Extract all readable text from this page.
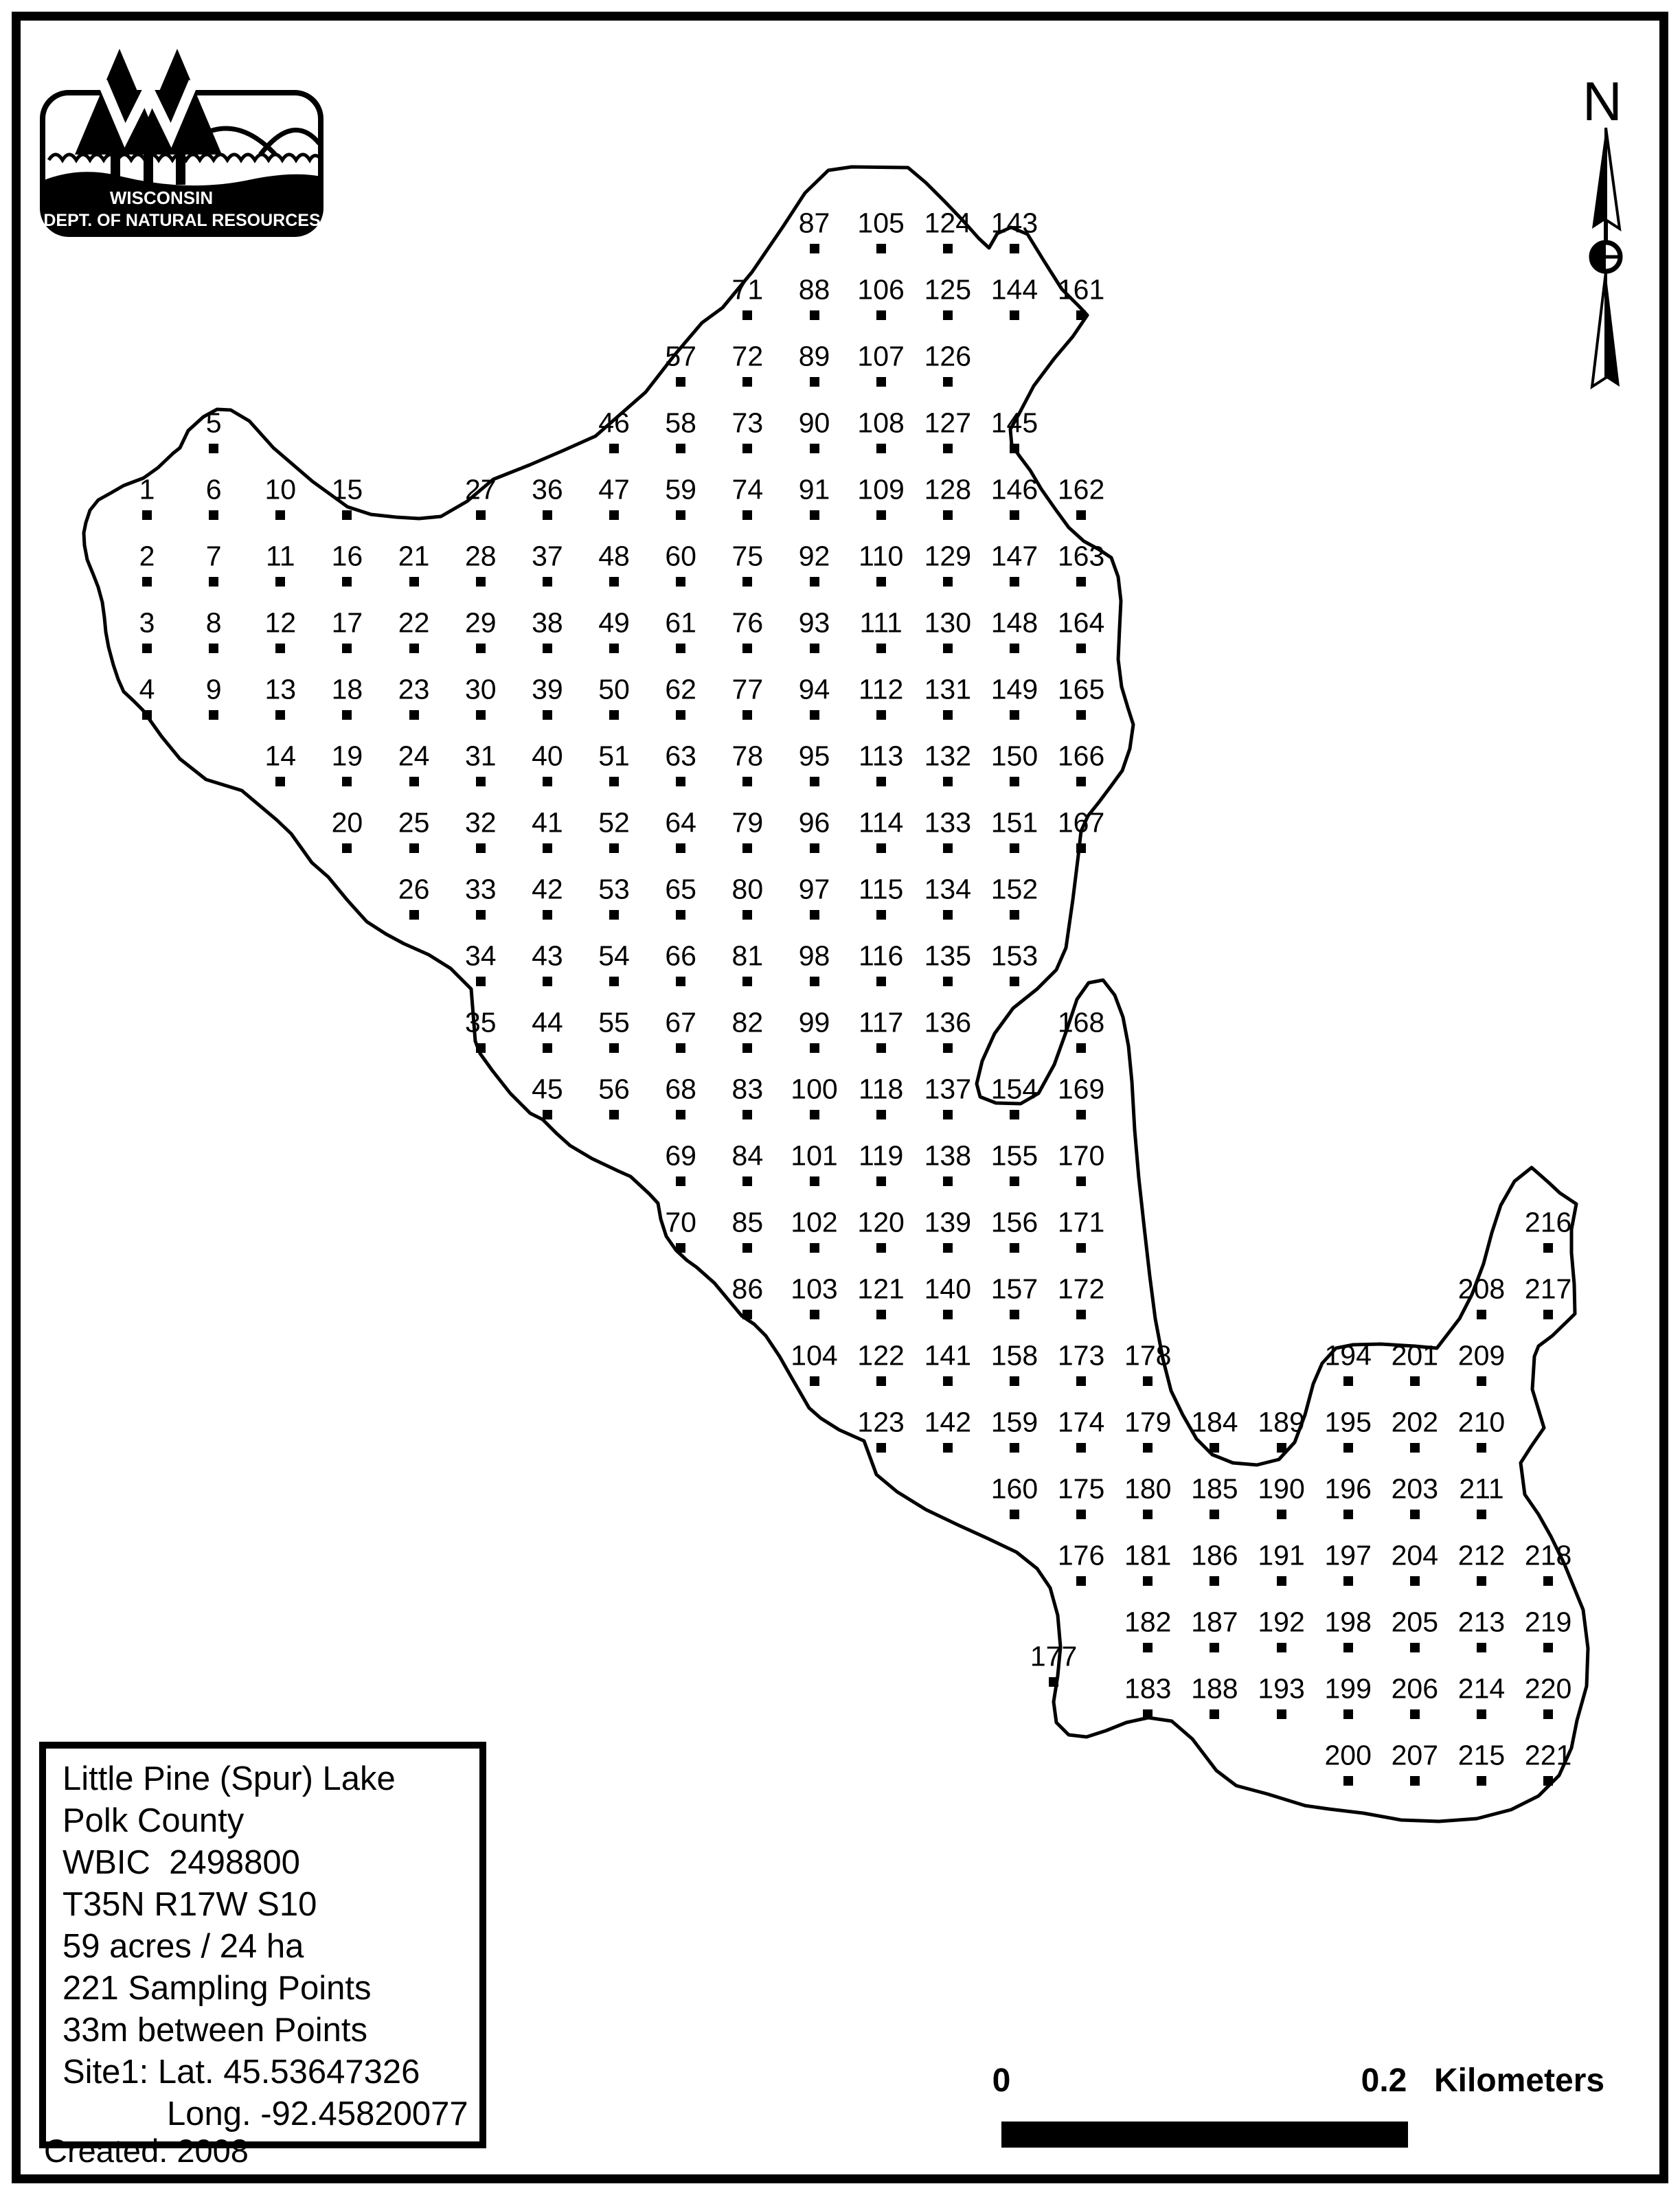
WISCONSIN
DEPT. OF NATURAL RESOURCES
N
1
2
3
4
5
6
7
8
9
10
11
12
13
14
15
16
17
18
19
20
21
22
23
24
25
26
27
28
29
30
31
32
33
34
35
36
37
38
39
40
41
42
43
44
45
46
47
48
49
50
51
52
53
54
55
56
57
58
59
60
61
62
63
64
65
66
67
68
69
70
71
72
73
74
75
76
77
78
79
80
81
82
83
84
85
86
87
88
89
90
91
92
93
94
95
96
97
98
99
100
101
102
103
104
105
106
107
108
109
110
111
112
113
114
115
116
117
118
119
120
121
122
123
124
125
126
127
128
129
130
131
132
133
134
135
136
137
138
139
140
141
142
143
144
145
146
147
148
149
150
151
152
153
154
155
156
157
158
159
160
161
162
163
164
165
166
167
168
169
170
171
172
173
174
175
176
177
178
179
180
181
182
183
184
185
186
187
188
189
190
191
192
193
194
195
196
197
198
199
200
201
202
203
204
205
206
207
208
209
210
211
212
213
214
215
216
217
218
219
220
221
Little Pine (Spur) Lake
Polk County
WBIC  2498800
T35N R17W S10
59 acres / 24 ha
221 Sampling Points
33m between Points
Site1: Lat. 45.53647326
Long. -92.45820077
Created: 2008
0	0.2 Kilometers
